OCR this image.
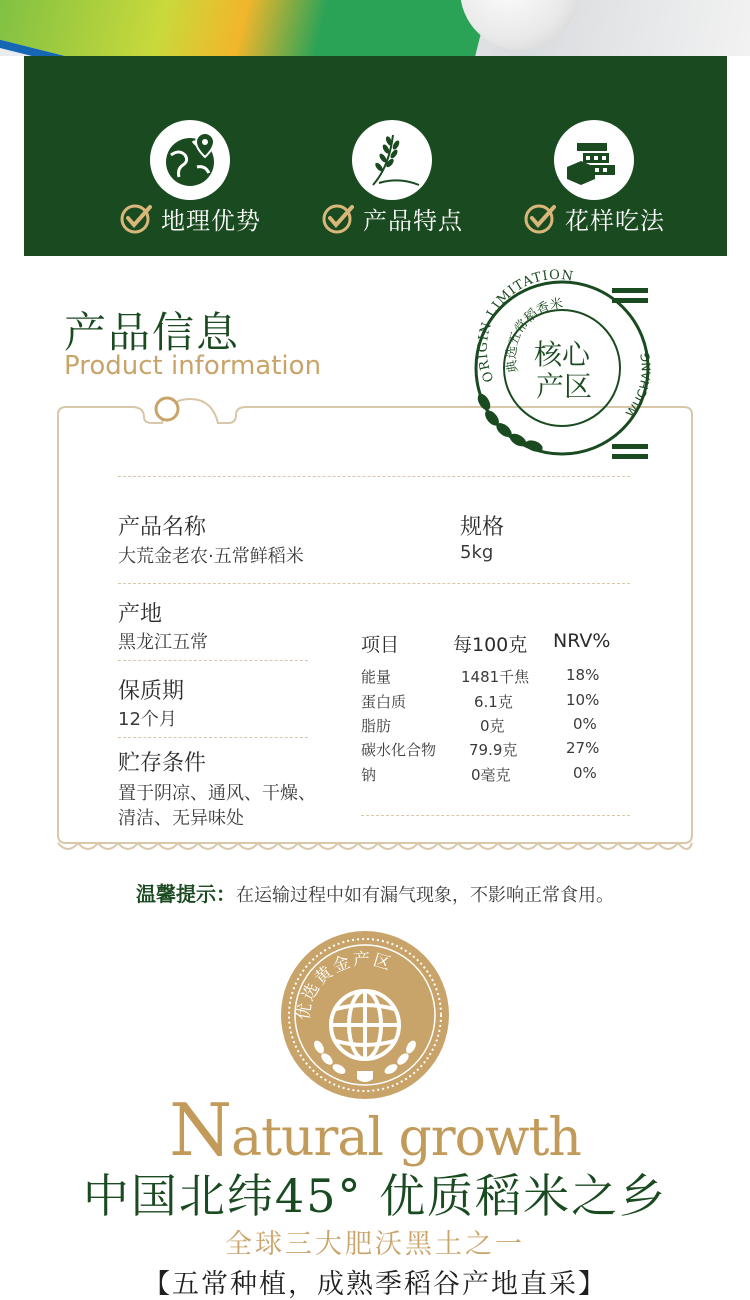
地理优势	产品特点	花样吃法
产品信息
Product information	ORIGIN LIMITATION
典选五常稻香米
WUCHANG
核心
产区
产品名称
大荒金老农·五常鲜稻米
规格
5kg
产地
黑龙江五常
保质期
12个月
贮存条件
置于阴凉、通风、干燥、
清洁、无异味处
项目	每100克 NRV%
能量	1481千焦 18%
蛋白质	6.1克	10%
脂肪	0克	0%
碳水化合物 79.9克	27%
钠	0毫克	0%
温馨提示：在运输过程中如有漏气现象，不影响正常食用。
优选黄金产区
Natural growth
中国北纬45° 优质稻米之乡
全球三大肥沃黑土之一
【五常种植，成熟季稻谷产地直采】
